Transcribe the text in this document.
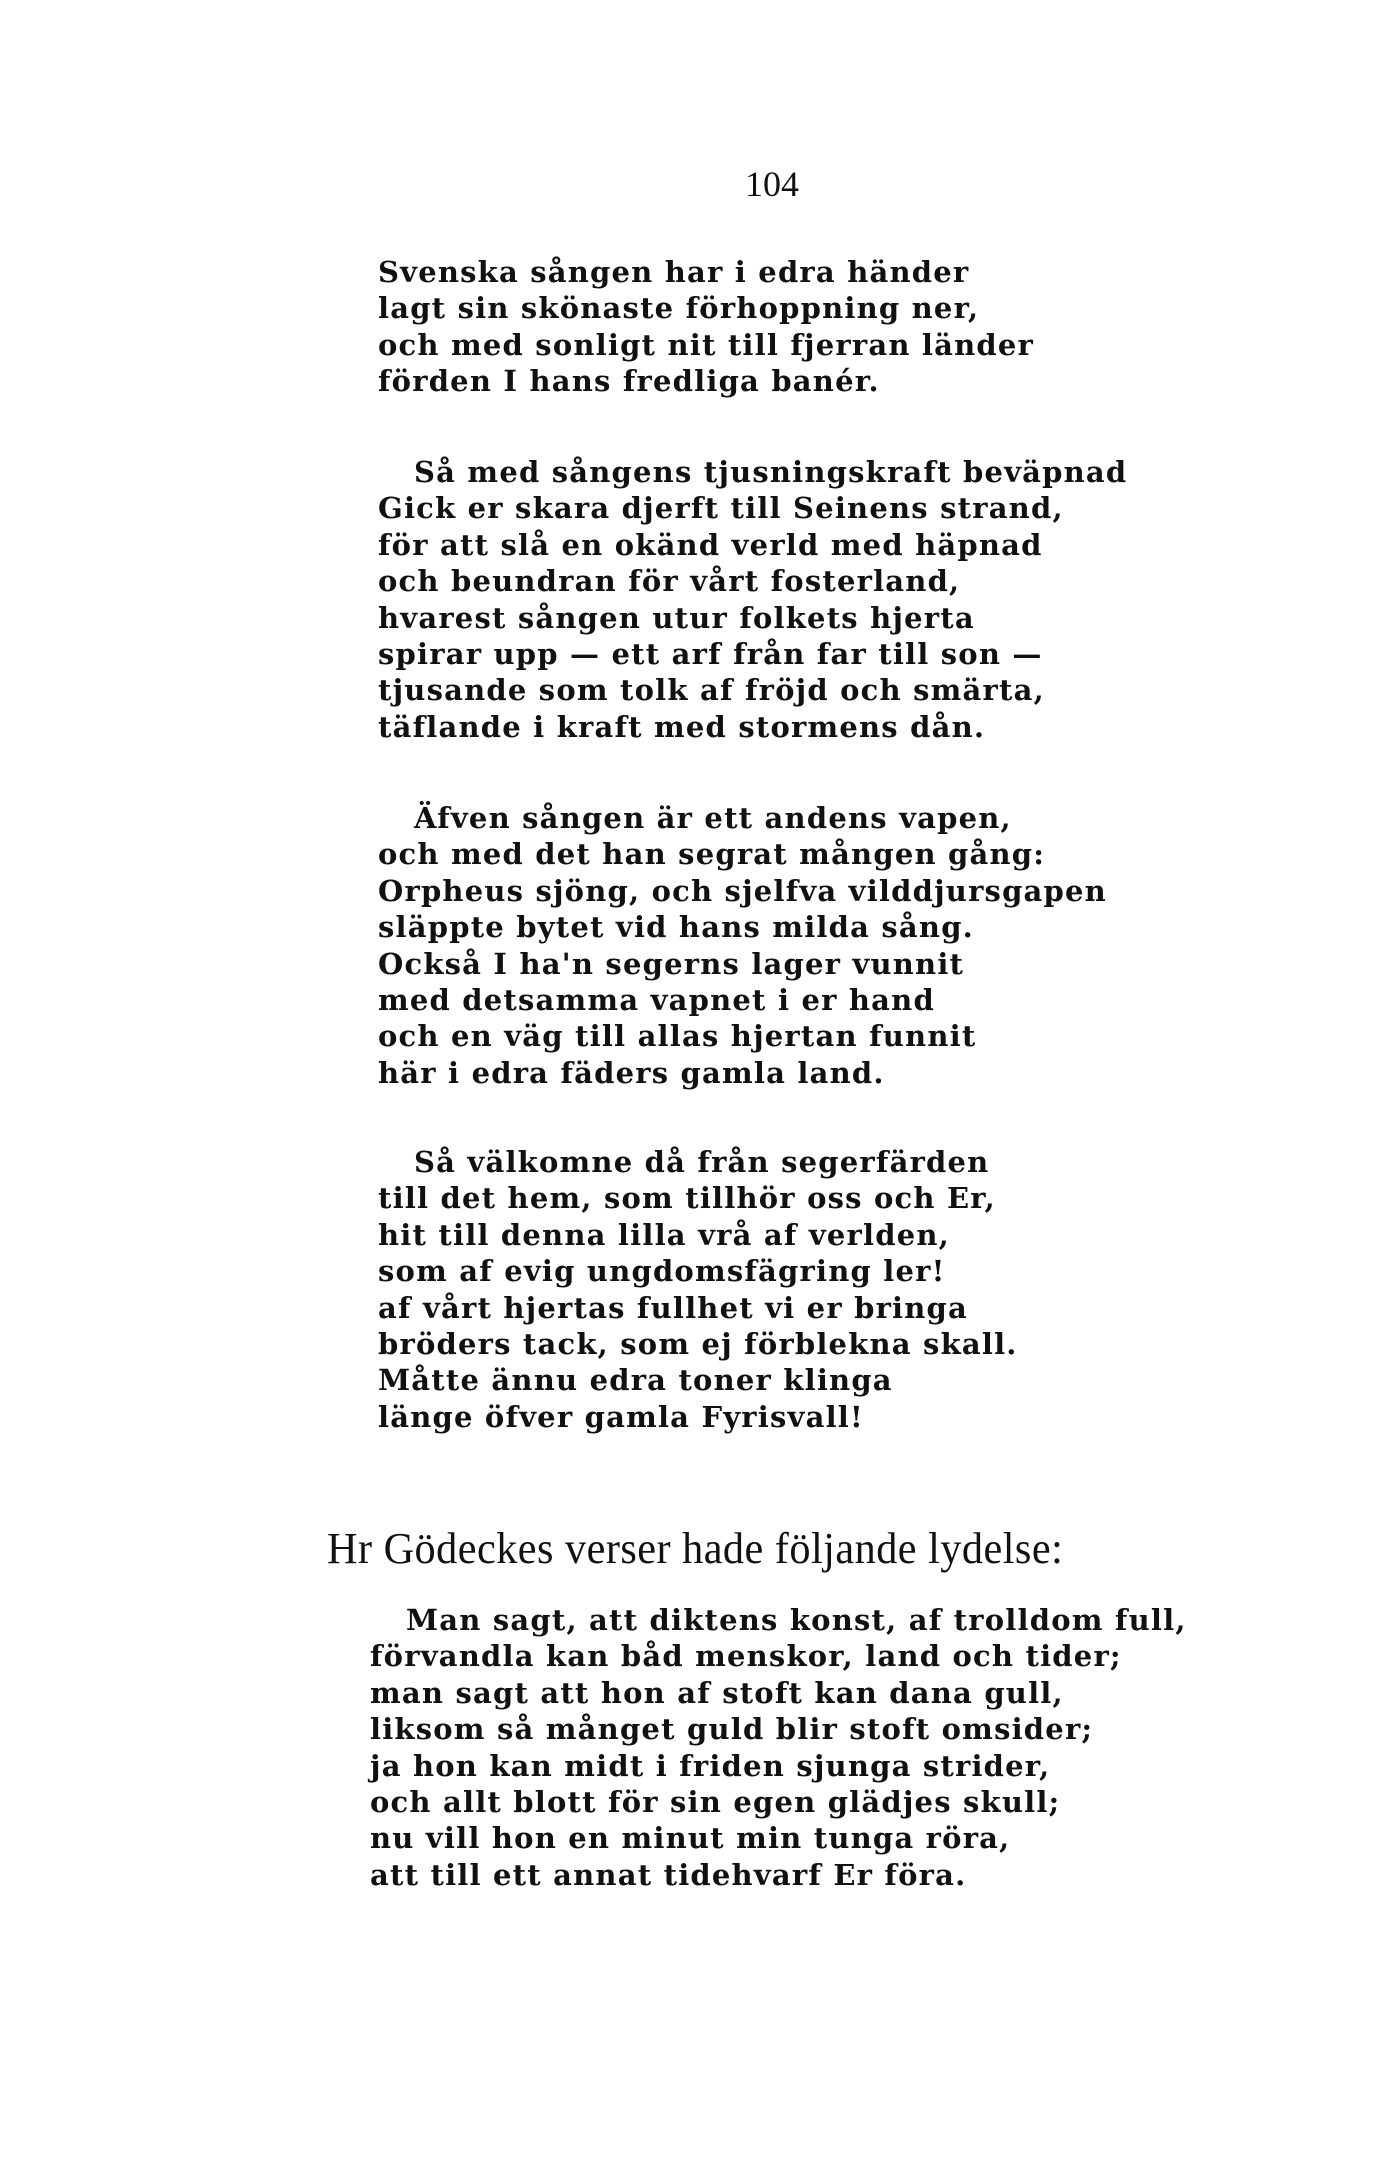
104
Svenska sången har i edra händer
lagt sin skönaste förhoppning ner,
och med sonligt nit till fjerran länder
förden I hans fredliga banér.
Så med sångens tjusningskraft beväpnad
Gick er skara djerft till Seinens strand,
för att slå en okänd verld med häpnad
och beundran för vårt fosterland,
hvarest sången utur folkets hjerta
spirar upp — ett arf från far till son —
tjusande som tolk af fröjd och smärta,
täflande i kraft med stormens dån.
Äfven sången är ett andens vapen,
och med det han segrat mången gång:
Orpheus sjöng, och sjelfva vilddjursgapen
släppte bytet vid hans milda sång.
Också I ha'n segerns lager vunnit
med detsamma vapnet i er hand
och en väg till allas hjertan funnit
här i edra fäders gamla land.
Så välkomne då från segerfärden
till det hem, som tillhör oss och Er,
hit till denna lilla vrå af verlden,
som af evig ungdomsfägring ler!
af vårt hjertas fullhet vi er bringa
bröders tack, som ej förblekna skall.
Måtte ännu edra toner klinga
länge öfver gamla Fyrisvall!
Hr Gödeckes verser hade följande lydelse:
Man sagt, att diktens konst, af trolldom full,
förvandla kan båd menskor, land och tider;
man sagt att hon af stoft kan dana gull,
liksom så månget guld blir stoft omsider;
ja hon kan midt i friden sjunga strider,
och allt blott för sin egen glädjes skull;
nu vill hon en minut min tunga röra,
att till ett annat tidehvarf Er föra.
